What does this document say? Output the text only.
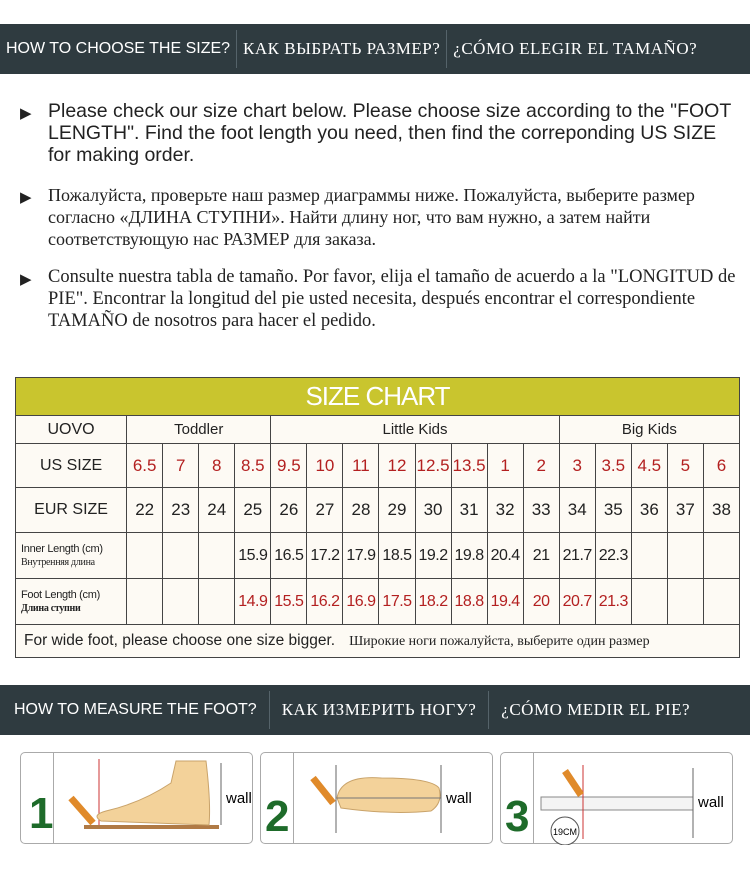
HOW TO CHOOSE THE SIZE? КАК ВЫБРАТЬ РАЗМЕР? ¿CÓMO ELEGIR EL TAMAÑO?
▶ Please check our size chart below. Please choose size according to the "FOOT LENGTH". Find the foot length you need, then find the correponding US SIZE for making order.
▶ Пожалуйста, проверьте наш размер диаграммы ниже. Пожалуйста, выберите размер согласно «ДЛИНА СТУПНИ». Найти длину ног, что вам нужно, а затем найти соответствующую нас РАЗМЕР для заказа.
▶ Consulte nuestra tabla de tamaño. Por favor, elija el tamaño de acuerdo a la "LONGITUD de PIE". Encontrar la longitud del pie usted necesita, después encontrar el correspondiente TAMAÑO de nosotros para hacer el pedido.
SIZE CHART																	
UOVO	Toddler				Little Kids								Big Kids				
US SIZE	6.5	7	8	8.5	9.5	10	11	12	12.5	13.5	1	2	3	3.5	4.5	5	6
EUR SIZE	22	23	24	25	26	27	28	29	30	31	32	33	34	35	36	37	38

Inner Length (cm)
Внутренняя длина				15.9	16.5	17.2	17.9	18.5	19.2	19.8	20.4	21	21.7	22.3			

Foot Length (cm)
Длина ступни				14.9	15.5	16.2	16.9	17.5	18.2	18.8	19.4	20	20.7	21.3			
For wide foot, please choose one size bigger. Широкие ноги пожалуйста, выберите один размер																	
HOW TO MEASURE THE FOOT? КАК ИЗМЕРИТЬ НОГУ? ¿CÓMO MEDIR EL PIE?
1	wall 2	wall 3	wall
19CM
